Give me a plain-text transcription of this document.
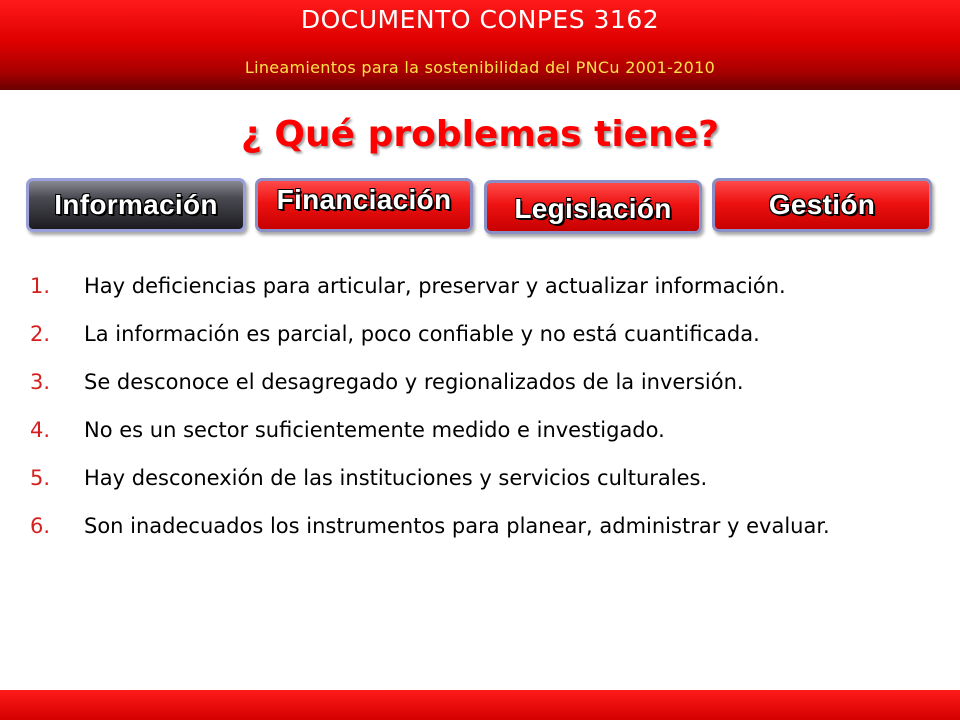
DOCUMENTO CONPES 3162
Lineamientos para la sostenibilidad del PNCu 2001-2010
¿ Qué problemas tiene?
Información Financiación Legislación	Gestión
1. Hay deficiencias para articular, preservar y actualizar información.
2. La información es parcial, poco confiable y no está cuantificada.
3. Se desconoce el desagregado y regionalizados de la inversión.
4. No es un sector suficientemente medido e investigado.
5. Hay desconexión de las instituciones y servicios culturales.
6. Son inadecuados los instrumentos para planear, administrar y evaluar.
